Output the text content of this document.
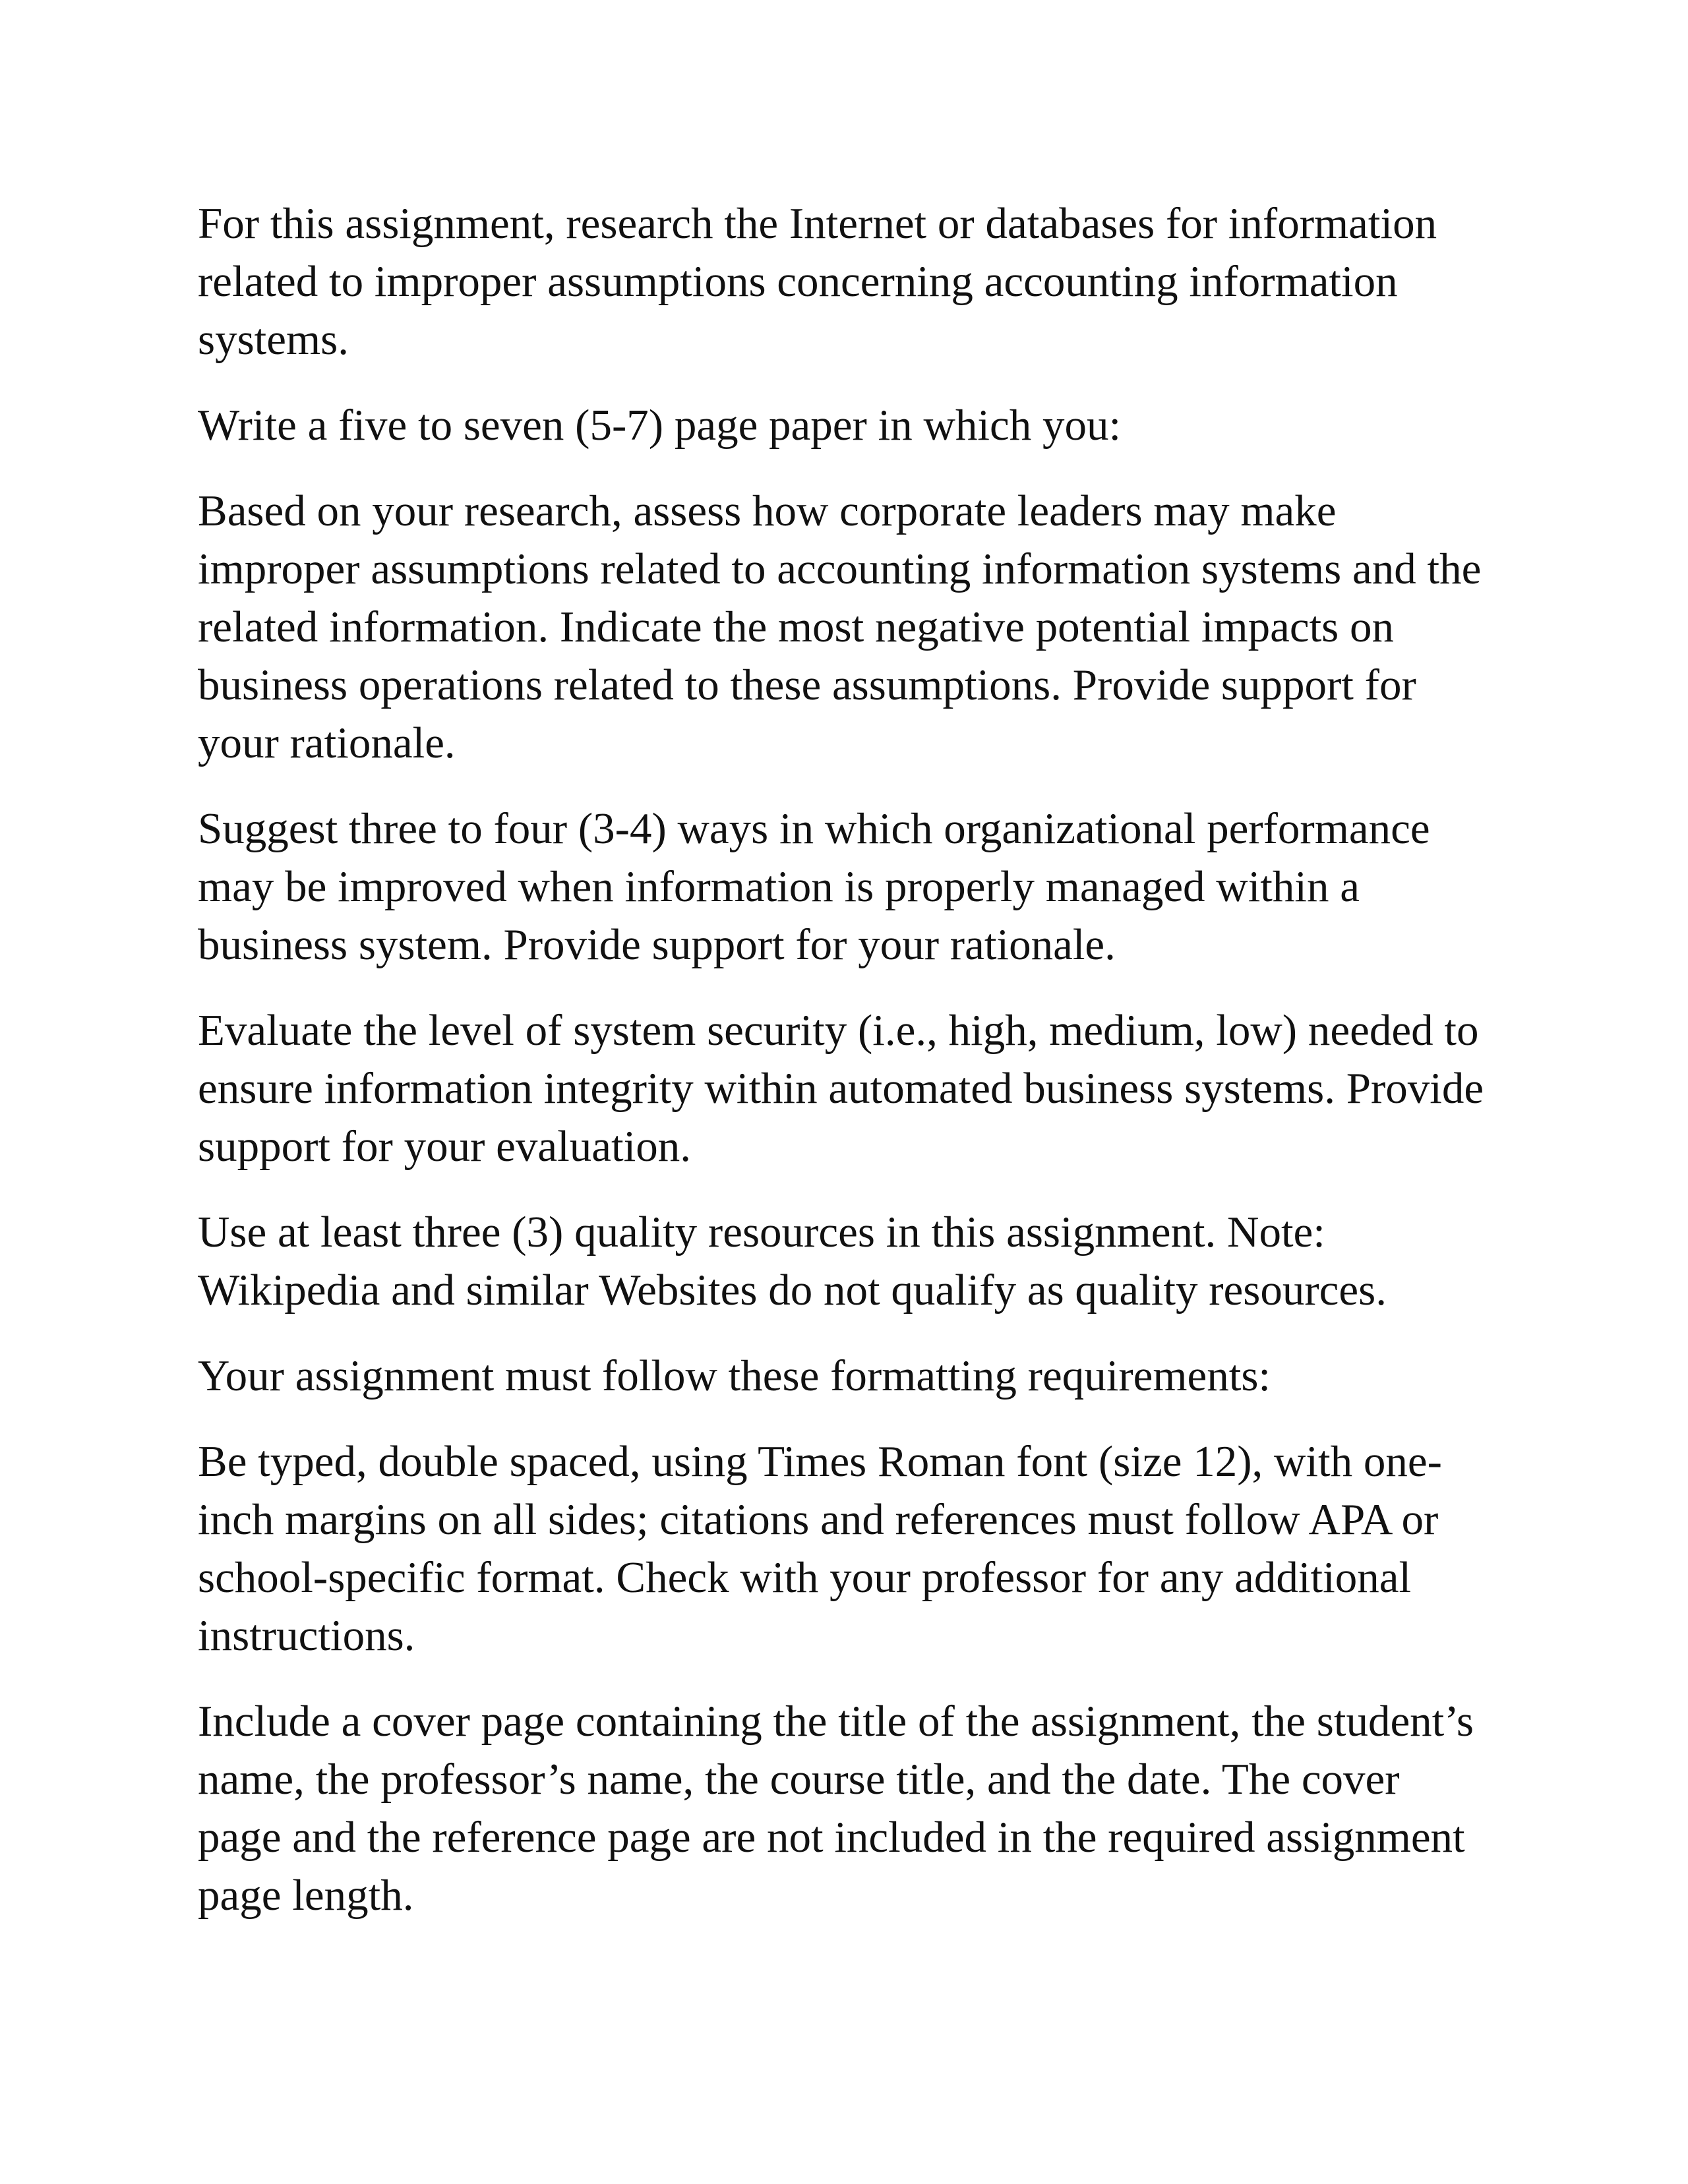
For this assignment, research the Internet or databases for information
related to improper assumptions concerning accounting information
systems.

Write a five to seven (5-7) page paper in which you:

Based on your research, assess how corporate leaders may make
improper assumptions related to accounting information systems and the
related information. Indicate the most negative potential impacts on
business operations related to these assumptions. Provide support for
your rationale.

Suggest three to four (3-4) ways in which organizational performance
may be improved when information is properly managed within a
business system. Provide support for your rationale.

Evaluate the level of system security (i.e., high, medium, low) needed to
ensure information integrity within automated business systems. Provide
support for your evaluation.

Use at least three (3) quality resources in this assignment. Note:
Wikipedia and similar Websites do not qualify as quality resources.

Your assignment must follow these formatting requirements:

Be typed, double spaced, using Times Roman font (size 12), with one-
inch margins on all sides; citations and references must follow APA or
school-specific format. Check with your professor for any additional
instructions.

Include a cover page containing the title of the assignment, the student’s
name, the professor’s name, the course title, and the date. The cover
page and the reference page are not included in the required assignment
page length.
